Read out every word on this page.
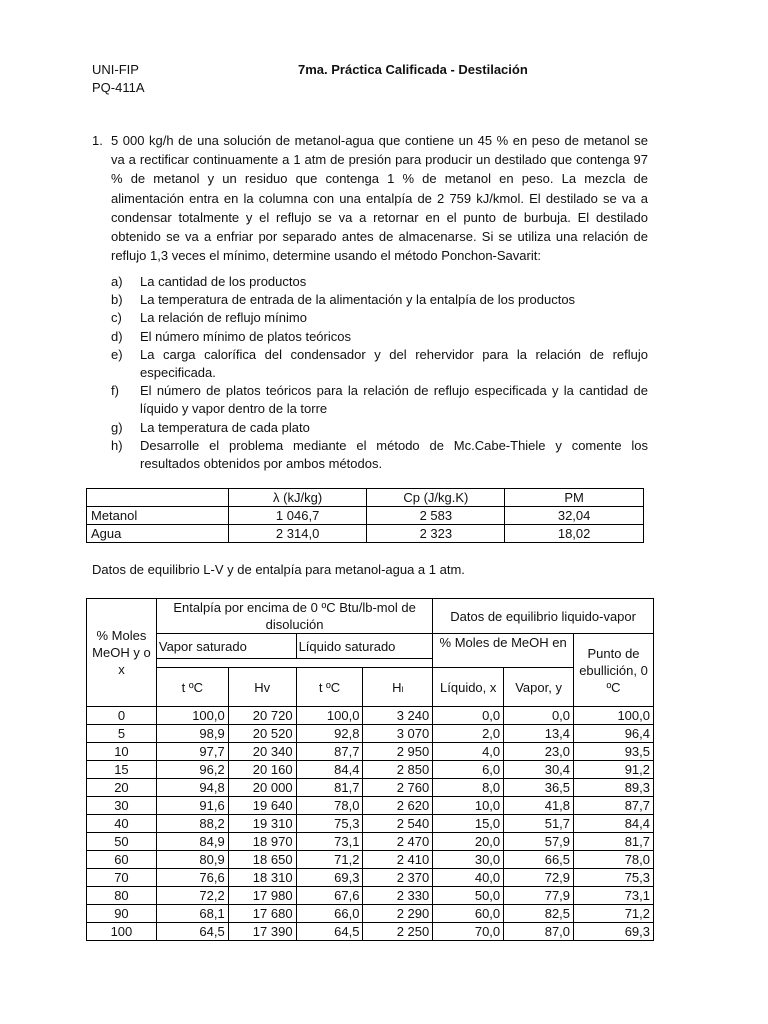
UNI-FIP
PQ-411A
7ma. Práctica Calificada - Destilación
1. 5 000 kg/h de una solución de metanol-agua que contiene un 45 % en peso de metanol se va a rectificar continuamente a 1 atm de presión para producir un destilado que contenga 97 % de metanol y un residuo que contenga 1 % de metanol en peso. La mezcla de alimentación entra en la columna con una entalpía de 2 759 kJ/kmol. El destilado se va a condensar totalmente y el reflujo se va a retornar en el punto de burbuja. El destilado obtenido se va a enfriar por separado antes de almacenarse. Si se utiliza una relación de reflujo 1,3 veces el mínimo, determine usando el método Ponchon-Savarit:
a) La cantidad de los productos
b) La temperatura de entrada de la alimentación y la entalpía de los productos
c) La relación de reflujo mínimo
d) El número mínimo de platos teóricos
e) La carga calorífica del condensador y del rehervidor para la relación de reflujo especificada.
f) El número de platos teóricos para la relación de reflujo especificada y la cantidad de líquido y vapor dentro de la torre
g) La temperatura de cada plato
h) Desarrolle el problema mediante el método de Mc.Cabe-Thiele y comente los resultados obtenidos por ambos métodos.
	λ (kJ/kg)	Cp (J/kg.K)	PM
Metanol	1 046,7	2 583	32,04
Agua	2 314,0	2 323	18,02
Datos de equilibrio L-V y de entalpía para metanol-agua a 1 atm.
% Moles MeOH y o x	Entalpía por encima de 0 ºC Btu/lb-mol de disolución				Datos de equilibrio liquido-vapor		
	Vapor saturado		Líquido saturado		% Moles de MeOH en		Punto de ebullición, 0 ºC

	t ºC	Hv	t ºC	Hₗ	Líquido, x	Vapor, y	
0	100,0	20 720	100,0	3 240	0,0	0,0	100,0
5	98,9	20 520	92,8	3 070	2,0	13,4	96,4
10	97,7	20 340	87,7	2 950	4,0	23,0	93,5
15	96,2	20 160	84,4	2 850	6,0	30,4	91,2
20	94,8	20 000	81,7	2 760	8,0	36,5	89,3
30	91,6	19 640	78,0	2 620	10,0	41,8	87,7
40	88,2	19 310	75,3	2 540	15,0	51,7	84,4
50	84,9	18 970	73,1	2 470	20,0	57,9	81,7
60	80,9	18 650	71,2	2 410	30,0	66,5	78,0
70	76,6	18 310	69,3	2 370	40,0	72,9	75,3
80	72,2	17 980	67,6	2 330	50,0	77,9	73,1
90	68,1	17 680	66,0	2 290	60,0	82,5	71,2
100	64,5	17 390	64,5	2 250	70,0	87,0	69,3
